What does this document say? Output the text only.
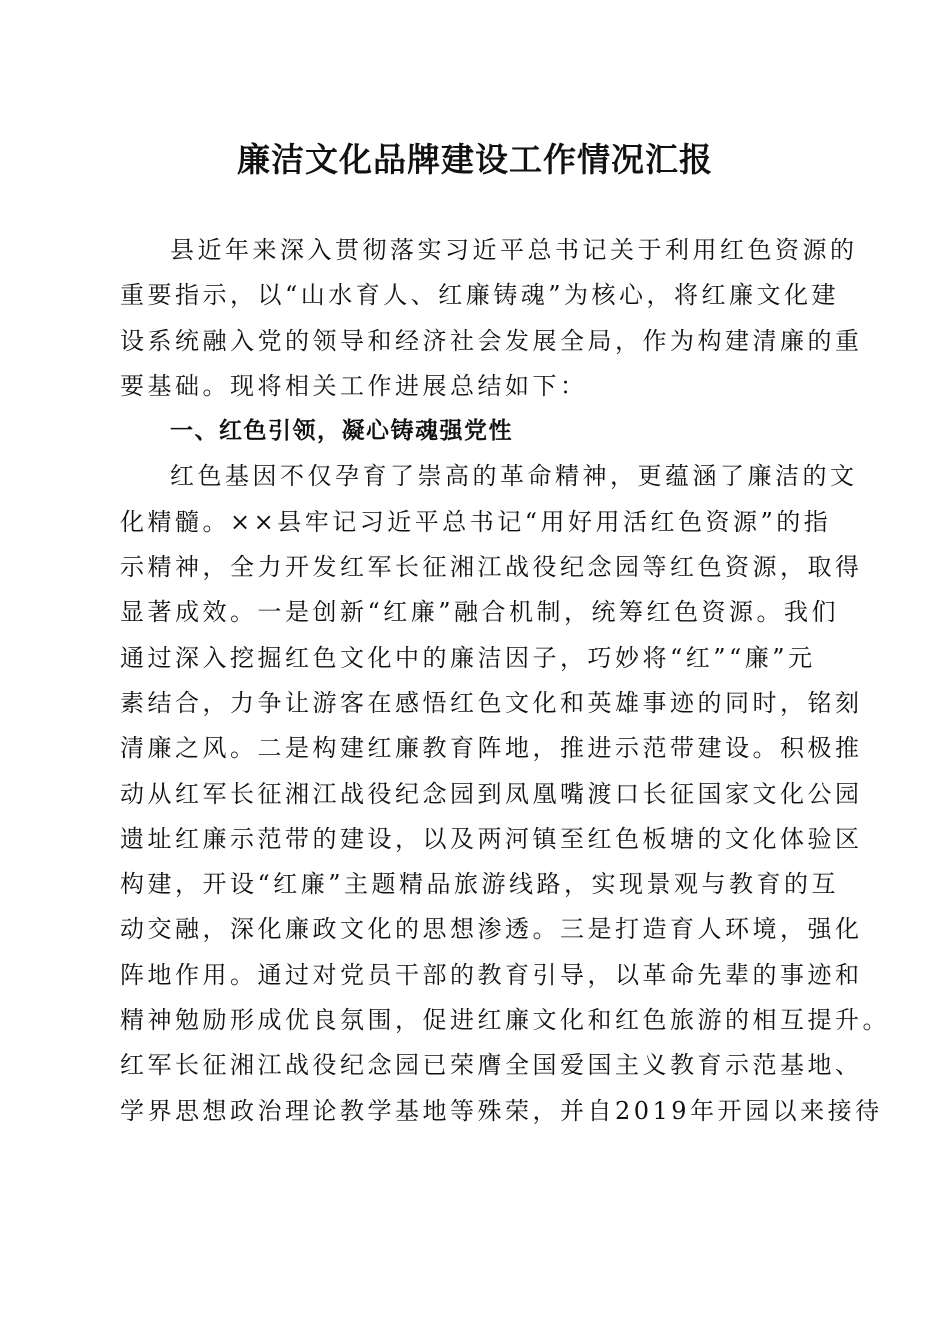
廉洁文化品牌建设工作情况汇报
县近年来深入贯彻落实习近平总书记关于利用红色资源的
重要指示，以“山水育人、红廉铸魂”为核心，将红廉文化建
设系统融入党的领导和经济社会发展全局，作为构建清廉的重
要基础。现将相关工作进展总结如下：
一、红色引领，凝心铸魂强党性
红色基因不仅孕育了崇高的革命精神，更蕴涵了廉洁的文
化精髓。××县牢记习近平总书记“用好用活红色资源”的指
示精神，全力开发红军长征湘江战役纪念园等红色资源，取得
显著成效。一是创新“红廉”融合机制，统筹红色资源。我们
通过深入挖掘红色文化中的廉洁因子，巧妙将“红”“廉”元
素结合，力争让游客在感悟红色文化和英雄事迹的同时，铭刻
清廉之风。二是构建红廉教育阵地，推进示范带建设。积极推
动从红军长征湘江战役纪念园到凤凰嘴渡口长征国家文化公园
遗址红廉示范带的建设，以及两河镇至红色板塘的文化体验区
构建，开设“红廉”主题精品旅游线路，实现景观与教育的互
动交融，深化廉政文化的思想渗透。三是打造育人环境，强化
阵地作用。通过对党员干部的教育引导，以革命先辈的事迹和
精神勉励形成优良氛围，促进红廉文化和红色旅游的相互提升。
红军长征湘江战役纪念园已荣膺全国爱国主义教育示范基地、
学界思想政治理论教学基地等殊荣，并自2019年开园以来接待
